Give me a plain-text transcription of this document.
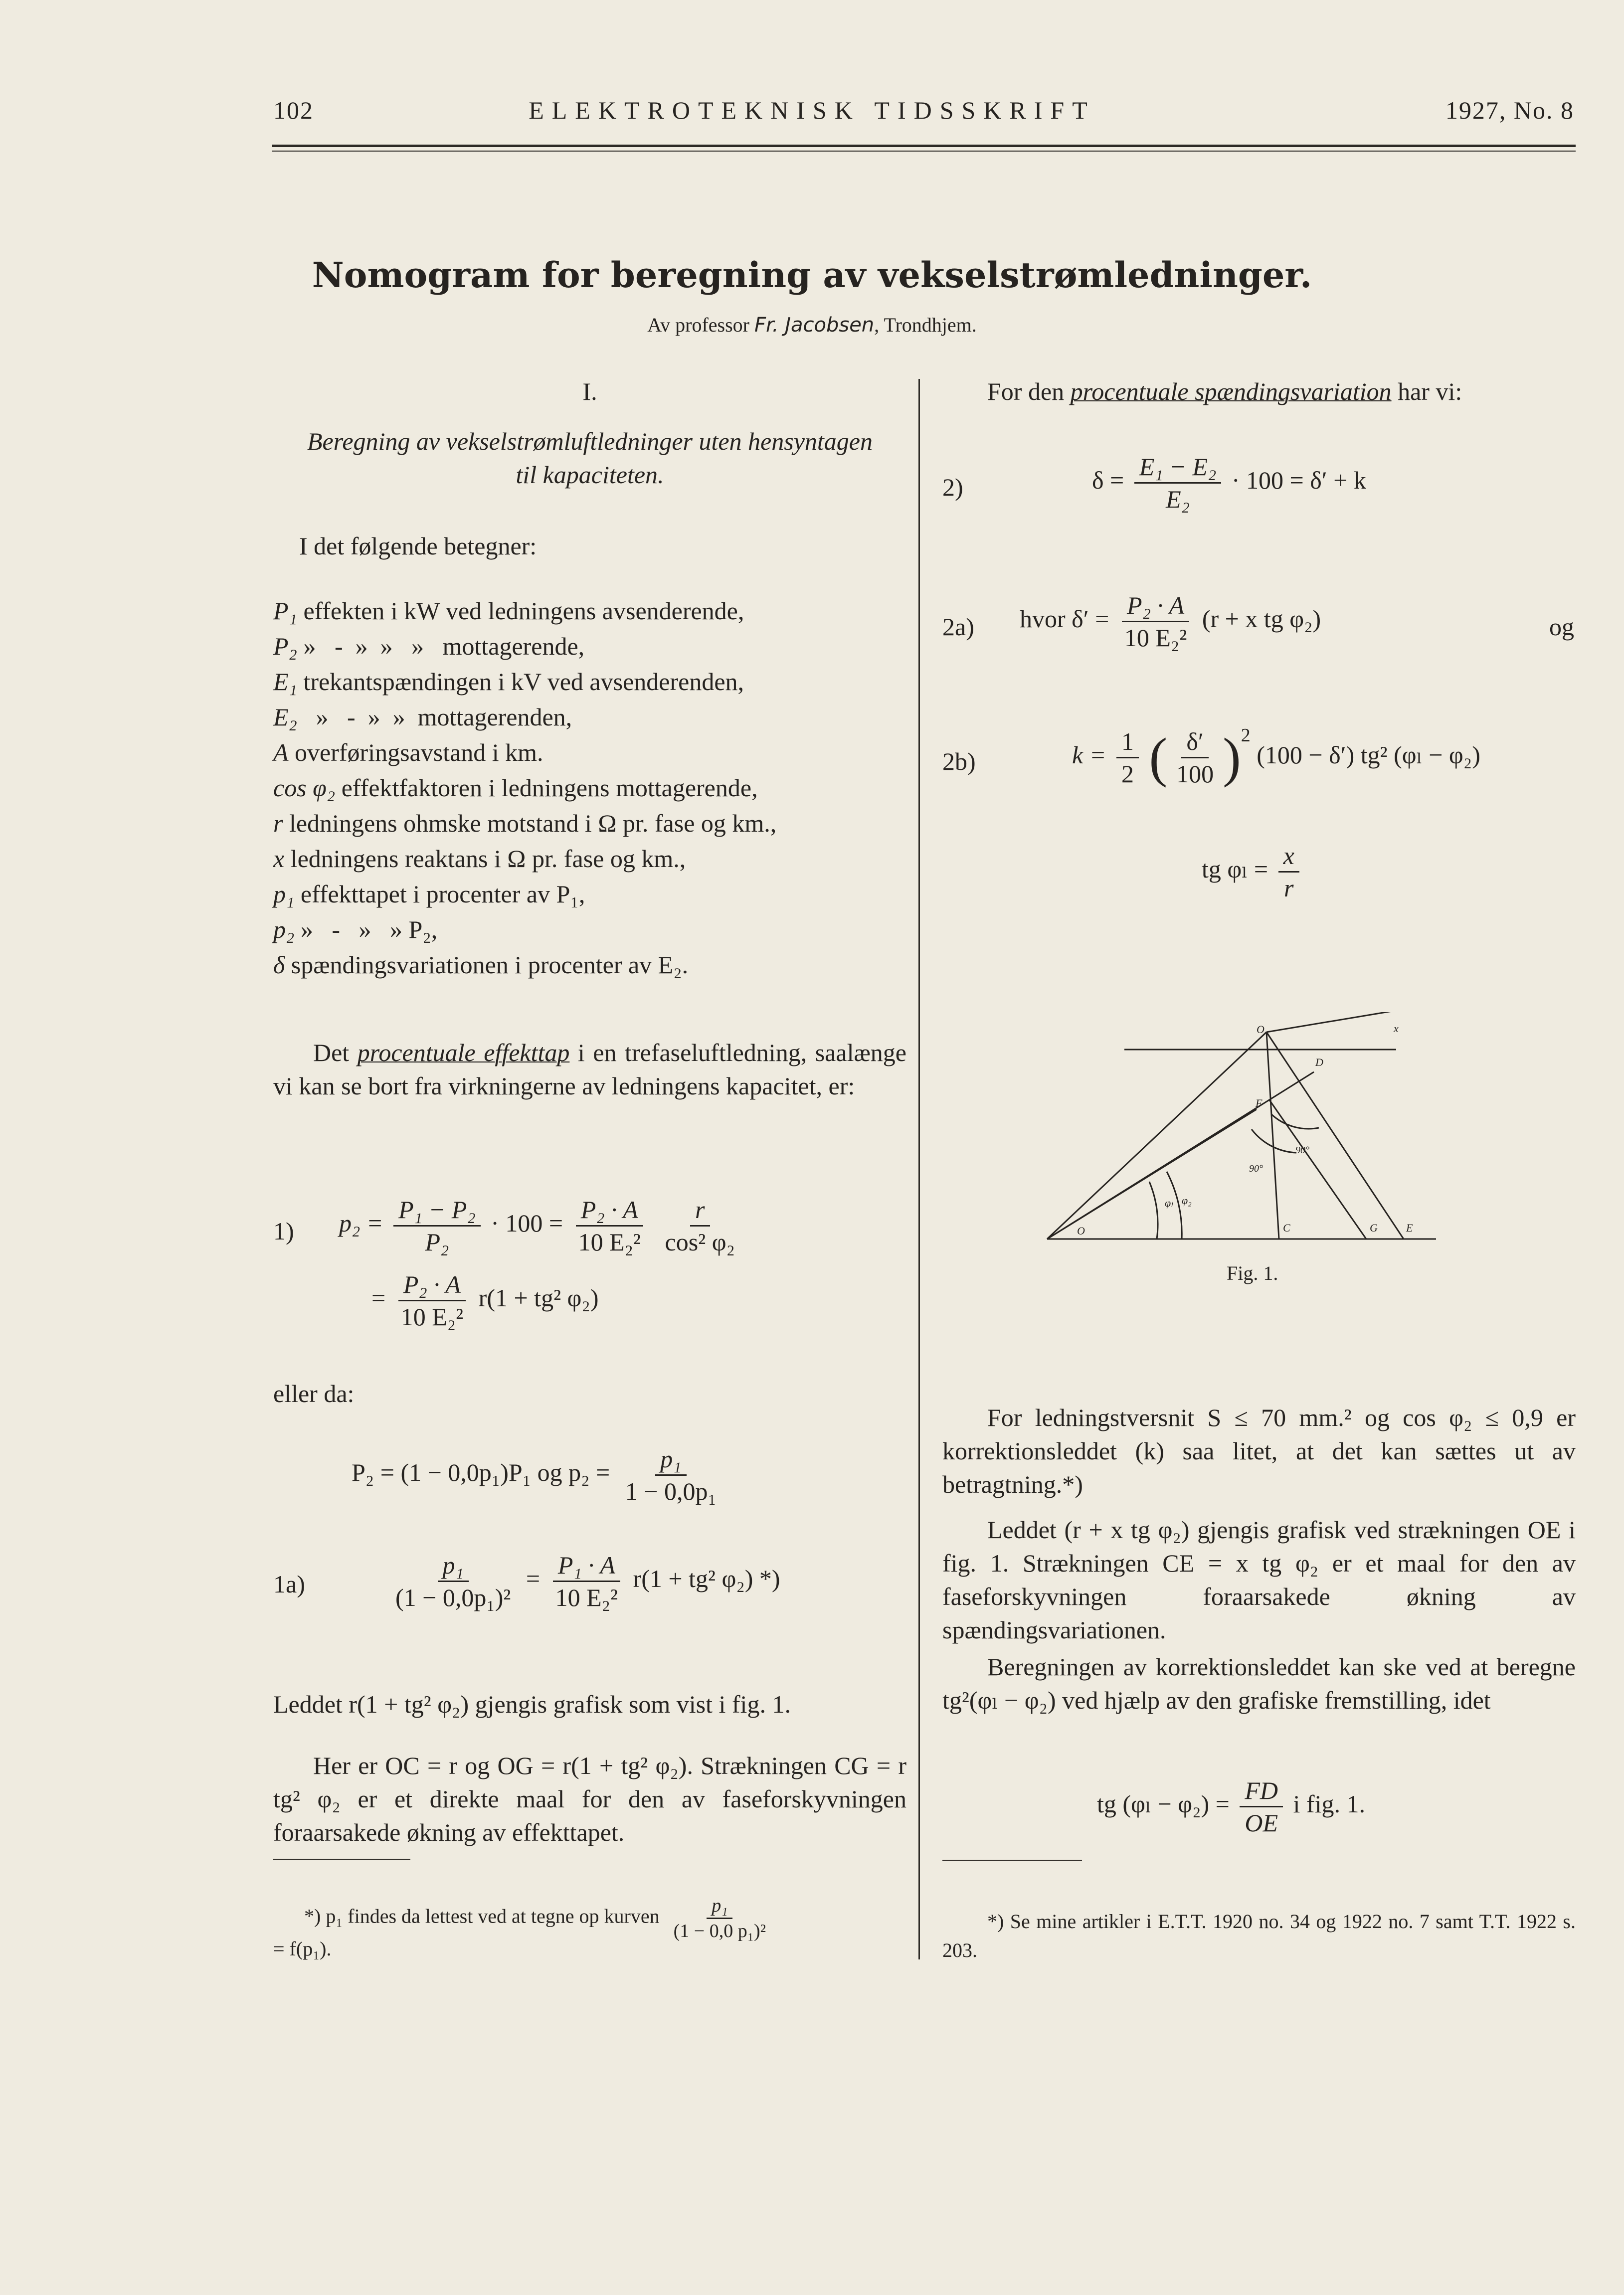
102	ELEKTROTEKNISK TIDSSKRIFT	1927, No. 8
Nomogram for beregning av vekselstrømledninger.
Av professor Fr. Jacobsen, Trondhjem.
I.
Beregning av vekselstrømluftledninger uten hensyntagen
til kapaciteten.
I det følgende betegner:
P₁ effekten i kW ved ledningens avsenderende,
P₂ »   -  »  »   »   mottagerende,
E₁ trekantspændingen i kV ved avsenderenden,
E₂   »   -  »  »  mottagerenden,
A overføringsavstand i km.
cos φ₂ effektfaktoren i ledningens mottagerende,
r ledningens ohmske motstand i Ω pr. fase og km.,
x ledningens reaktans i Ω pr. fase og km.,
p₁ effekttapet i procenter av P₁,
p₂ »   -   »   » P₂,
δ spændingsvariationen i procenter av E₂.
Det procentuale effekttap i en trefaseluftledning, saalænge vi kan se bort fra virkningerne av ledningens kapacitet, er:
1) $p_2 = \frac{\text{P₁ − P₂}}{\text{P₂}} \cdot 100 = \frac{\text{P₂ · A}}{\text{10 E₂²}}$
$\frac{r}{\text{cos² φ₂}}$
= $\frac{\text{P₂ · A}}{\text{10 E₂²}} r(1 + tg^2$ φ₂)
eller da:
P₂ = (1 − 0,0p₁)P₁ og $p_2 = \frac{\text{p₁}}{\text{1 − 0,0p₁}}$
1a)	$\frac{\text{p₁}}{\text{(1 − 0,0p₁)²}} = \frac{\text{P₁ · A}}{\text{10 E₂²}} r(1 + tg^2$ φ₂) *)
Leddet r(1 + tg² φ₂) gjengis grafisk som vist i fig. 1.
Her er OC = r og OG = r(1 + tg² φ₂). Strækningen CG = r tg² φ₂ er et direkte maal for den av faseforskyvningen foraarsakede økning av effekttapet.
*) p₁ findes da lettest ved at tegne op kurven $\frac{\text{p₁}}{\text{(1 − 0,0 p₁)²}}$
= f(p₁).
For den procentuale spændingsvariation har vi:
2)	$\delta = \frac{\text{E₁ − E₂}}{\text{E₂}} \cdot 100 = \delta' + k$
2a) hvor $\delta' = \frac{\text{P₂ · A}}{\text{10 E₂²}} (r + x$ tg φ₂)	og
2b)	$k = \frac{1}{2}$ ( $\frac{\delta'}{100} )^2$ (100 − δ′) tg² (φₗ − φ₂)
tg $\varphi_l = \frac{x}{r}$
O	x
F
D
C	G	E
O
90°
90°
φₗ φ₂
Fig. 1.
For ledningstversnit S ≤ 70 mm.² og cos φ₂ ≤ 0,9 er korrektionsleddet (k) saa litet, at det kan sættes ut av betragtning.*)
Leddet (r + x tg φ₂) gjengis grafisk ved strækningen OE i fig. 1. Strækningen CE = x tg φ₂ er et maal for den av faseforskyvningen foraarsakede økning av spændingsvariationen.
Beregningen av korrektionsleddet kan ske ved at beregne tg²(φₗ − φ₂) ved hjælp av den grafiske fremstilling, idet
tg $(\varphi_l - \varphi_2) = \frac{FD}{OE}$ i fig. 1.
*) Se mine artikler i E.T.T. 1920 no. 34 og 1922 no. 7 samt T.T. 1922 s. 203.
